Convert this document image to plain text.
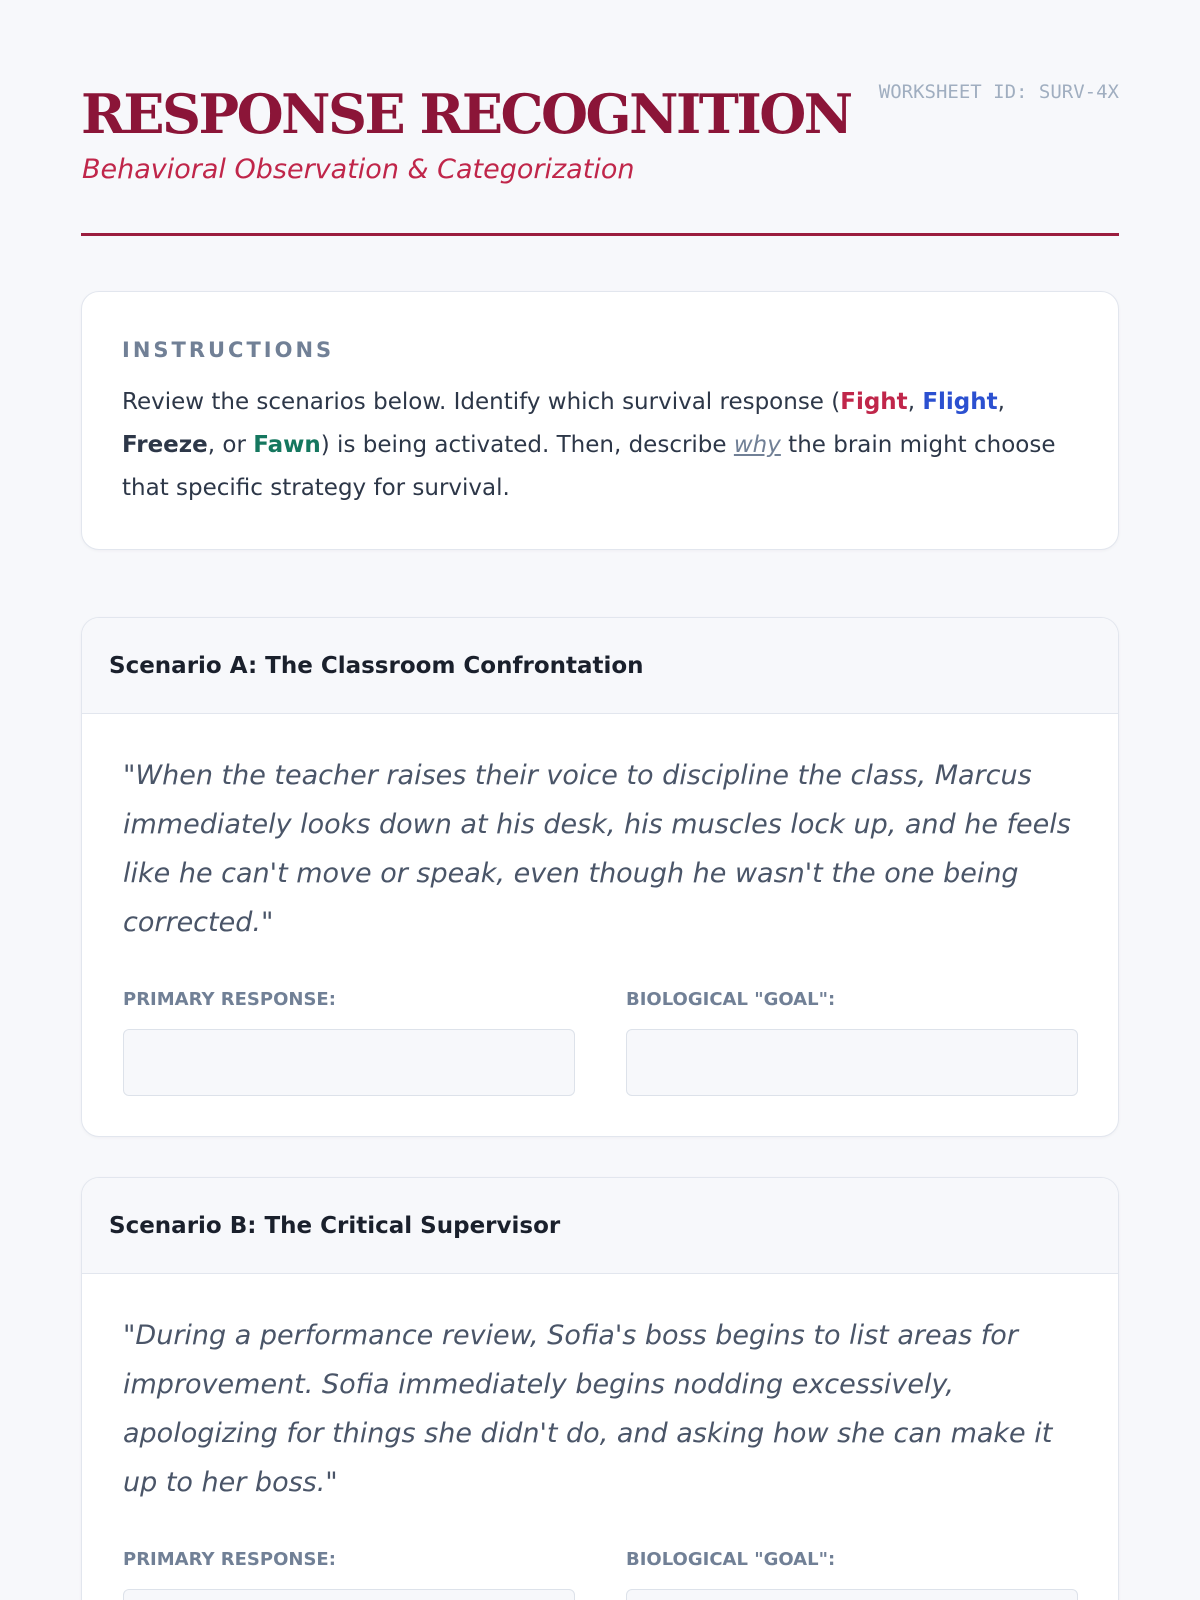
RESPONSE RECOGNITION
Behavioral Observation & Categorization
WORKSHEET ID: SURV-4X
INSTRUCTIONS

Review the scenarios below. Identify which survival response (Fight, Flight, Freeze, or Fawn) is being activated. Then, describe why the brain might choose that specific strategy for survival.

Scenario A: The Classroom Confrontation

"When the teacher raises their voice to discipline the class, Marcus immediately looks down at his desk, his muscles lock up, and he feels like he can't move or speak, even though he wasn't the one being corrected."

PRIMARY RESPONSE:	BIOLOGICAL "GOAL":
Scenario B: The Critical Supervisor

"During a performance review, Sofia's boss begins to list areas for improvement. Sofia immediately begins nodding excessively, apologizing for things she didn't do, and asking how she can make it up to her boss."

PRIMARY RESPONSE:	BIOLOGICAL "GOAL":
